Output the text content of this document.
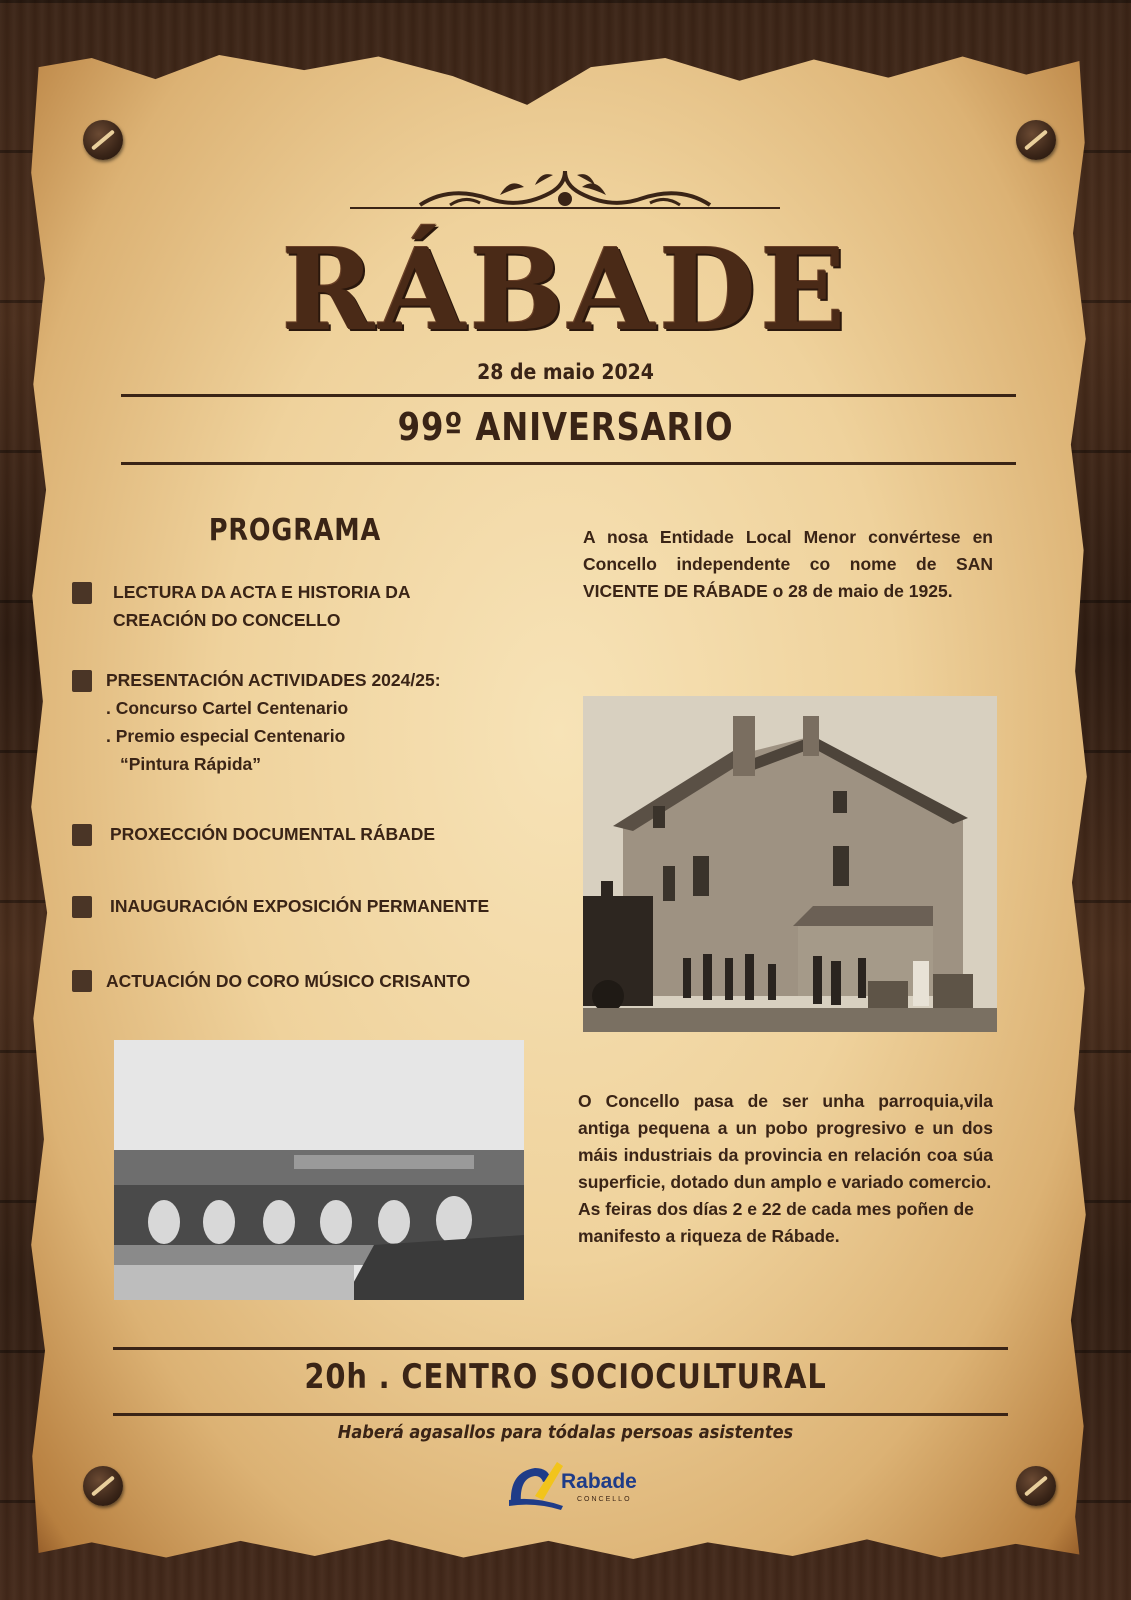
RÁBADE
28 de maio 2024
99º ANIVERSARIO
PROGRAMA
LECTURA DA ACTA E HISTORIA DA
CREACIÓN DO CONCELLO
PRESENTACIÓN ACTIVIDADES 2024/25:
. Concurso Cartel Centenario
. Premio especial Centenario
“Pintura Rápida”
PROXECCIÓN DOCUMENTAL RÁBADE
INAUGURACIÓN EXPOSICIÓN PERMANENTE
ACTUACIÓN DO CORO MÚSICO CRISANTO
A nosa Entidade Local Menor convértese en Concello independente co nome de SAN VICENTE DE RÁBADE o 28 de maio de 1925.
O Concello pasa de ser unha parroquia,vila antiga pequena a un pobo progresivo e un dos máis industriais da provincia en relación coa súa superficie, dotado dun amplo e variado comercio.
As feiras dos días 2 e 22 de cada mes poñen de manifesto a riqueza de Rábade.
20h . CENTRO SOCIOCULTURAL
Haberá agasallos para tódalas persoas asistentes
Rabade
CONCELLO
